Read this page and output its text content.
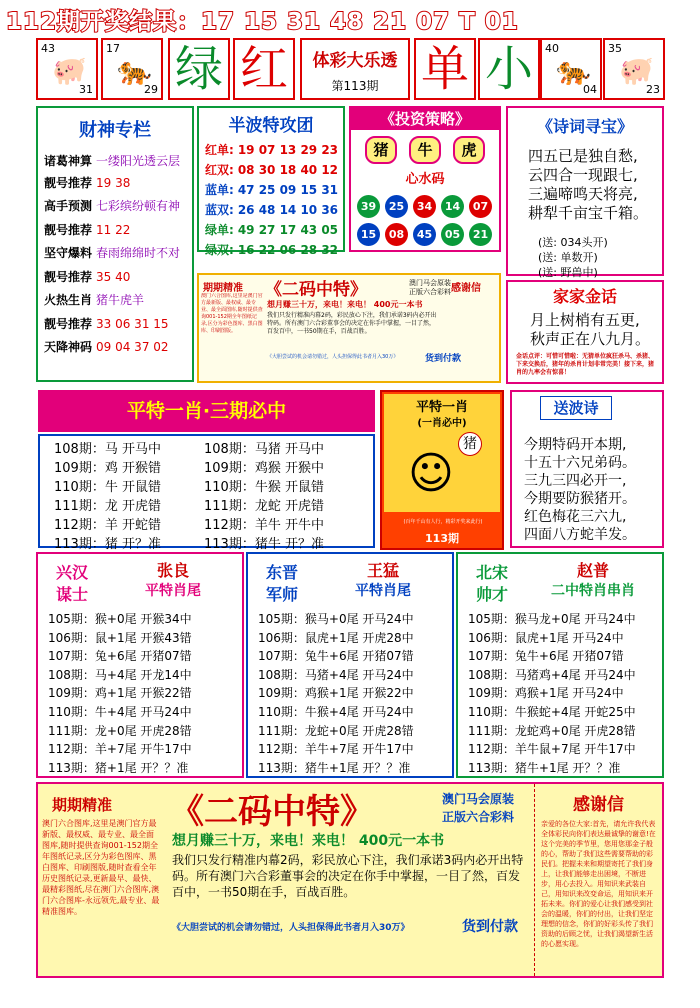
112期开奖结果：17 15 31 48 21 07 T 01
43
🐖
31
17
🐅
29 绿 红	体彩大乐透
第113期 单 小	40
🐅
04
35
🐖
23
财神专栏
诸葛神算 一缕阳光透云层
靓号推荐 19 38
高手预测 七彩缤纷顿有神
靓号推荐 11 22
坚守爆料 春雨绵绵时不对
靓号推荐 35 40
火热生肖 猪牛虎羊
靓号推荐 33 06 31 15
天降神码 09 04 37 02
半波特攻团
红单: 19 07 13 29 23
红双: 08 30 18 40 12
蓝单: 47 25 09 15 31
蓝双: 26 48 14 10 36
绿单: 49 27 17 43 05
绿双: 16 22 06 28 32
《投资策略》
猪	牛	虎
心水码
39	25	34	14	07
15	08	45	05	21
《诗词寻宝》
四五已是独自愁,
云四合一现跟七,
三遍啼鸣天将亮,
耕犁千亩宝千箱。
(送: 034头开)
(送: 单数开)
(送: 野兽中)
期期精准
澳门六合图库,这里是澳门官方最新版、最权威、最专业、最全面图库,随时提供查询001-152期全年图纸记录,区分为彩色图库、黑白图库、印刷图版。
《二码中特》	澳门马会原装 正版六合彩料
想月赚三十万，来电！来电！ 400元一本书
我们只发行精准内幕2码，彩民放心下注，我们承诺3码内必开出特码。所有澳门六合彩董事会的决定在你手中掌握，一目了然，百发百中，一书50期在手，百战百胜。
《大胆尝试的机会请勿错过，人头担保得此书者月入30万》	货到付款
感谢信	家家金话
月上树梢有五更,
秋声正在八九月。
金话点评：可惜可惜啦：无猜单位疯狂杀马、杀猪、下来交换后，猪年的杀肖计划非常完美！接下来，猪肖的九率会有惊喜！
平特一肖·三期必中
108期：马 开马中	108期：马猪 开马中
109期：鸡 开猴错	109期：鸡猴 开猴中
110期：牛 开鼠错	110期：牛猴 开鼠错
111期：龙 开虎错	111期：龙蛇 开虎错
112期：羊 开蛇错	112期：羊牛 开牛中
113期：猪 开？准	113期：猪牛 开？准
平特一肖
(一肖必中)
猪
☺
(百年千山有人行，精彩开奖来此行)
113期
送波诗
今期特码开本期,
十五十六兄弟码。
三九三四必开一,
今期要防猴猪开。
红色梅花三六九,
四面八方蛇羊发。
兴汉
谋士
张良
平特肖尾
105期：猴+0尾 开猴34中
106期：鼠+1尾 开猴43错
107期：兔+6尾 开猪07错
108期：马+4尾 开龙14中
109期：鸡+1尾 开猴22错
110期：牛+4尾 开马24中
111期：龙+0尾 开虎28错
112期：羊+7尾 开牛17中
113期：猪+1尾 开？？准
东晋
军师
王猛
平特肖尾
105期：猴马+0尾 开马24中
106期：鼠虎+1尾 开虎28中
107期：兔牛+6尾 开猪07错
108期：马猪+4尾 开马24中
109期：鸡猴+1尾 开猴22中
110期：牛猴+4尾 开马24中
111期：龙蛇+0尾 开虎28错
112期：羊牛+7尾 开牛17中
113期：猪牛+1尾 开？？准
北宋
帅才
赵普
二中特肖串肖
105期：猴马龙+0尾 开马24中
106期：鼠虎+1尾 开马24中
107期：兔牛+6尾 开猪07错
108期：马猪鸡+4尾 开马24中
109期：鸡猴+1尾 开马24中
110期：牛猴蛇+4尾 开蛇25中
111期：龙蛇鸡+0尾 开虎28错
112期：羊牛鼠+7尾 开牛17中
113期：猪牛+1尾 开？？准
期期精准
澳门六合图库,这里是澳门官方最新版、最权威、最专业、最全面图库,随时提供查询001-152期全年图纸记录,区分为彩色图库、黑白图库、印刷图版,随时查看全年历史图纸记录,更新最早、最快、最精彩图纸,尽在澳门六合图库,澳门六合图库-永远领先,最专业、最精准图库。
《二码中特》	澳门马会原装
正版六合彩料
想月赚三十万，来电！来电！ 400元一本书
我们只发行精准内幕2码，彩民放心下注，我们承诺3码内必开出特码。所有澳门六合彩董事会的决定在你手中掌握，一目了然，百发百中，一书50期在手，百战百胜。
《大胆尝试的机会请勿错过，人头担保得此书者月入30万》	货到付款
感谢信
亲爱的各位大家:首先，请允许我代表全体彩民向你们表达最诚挚的谢意!在这个完美的季节里，您用您那金子般的心，帮助了我们这些需要帮助的彩民们。把握未来和期望寄托了我们身上，让我们能够走出困境，不断进步，用心去投入。用知识来武装自己，用知识来改变命运，用知识来开拓未来。你们的爱心让我们感受到社会的温暖，你们的付出，让我们坚定理想的信念，你们的好彩头传了我们资助的后顾之忧，让我们渴望新生活的心愿实现。
